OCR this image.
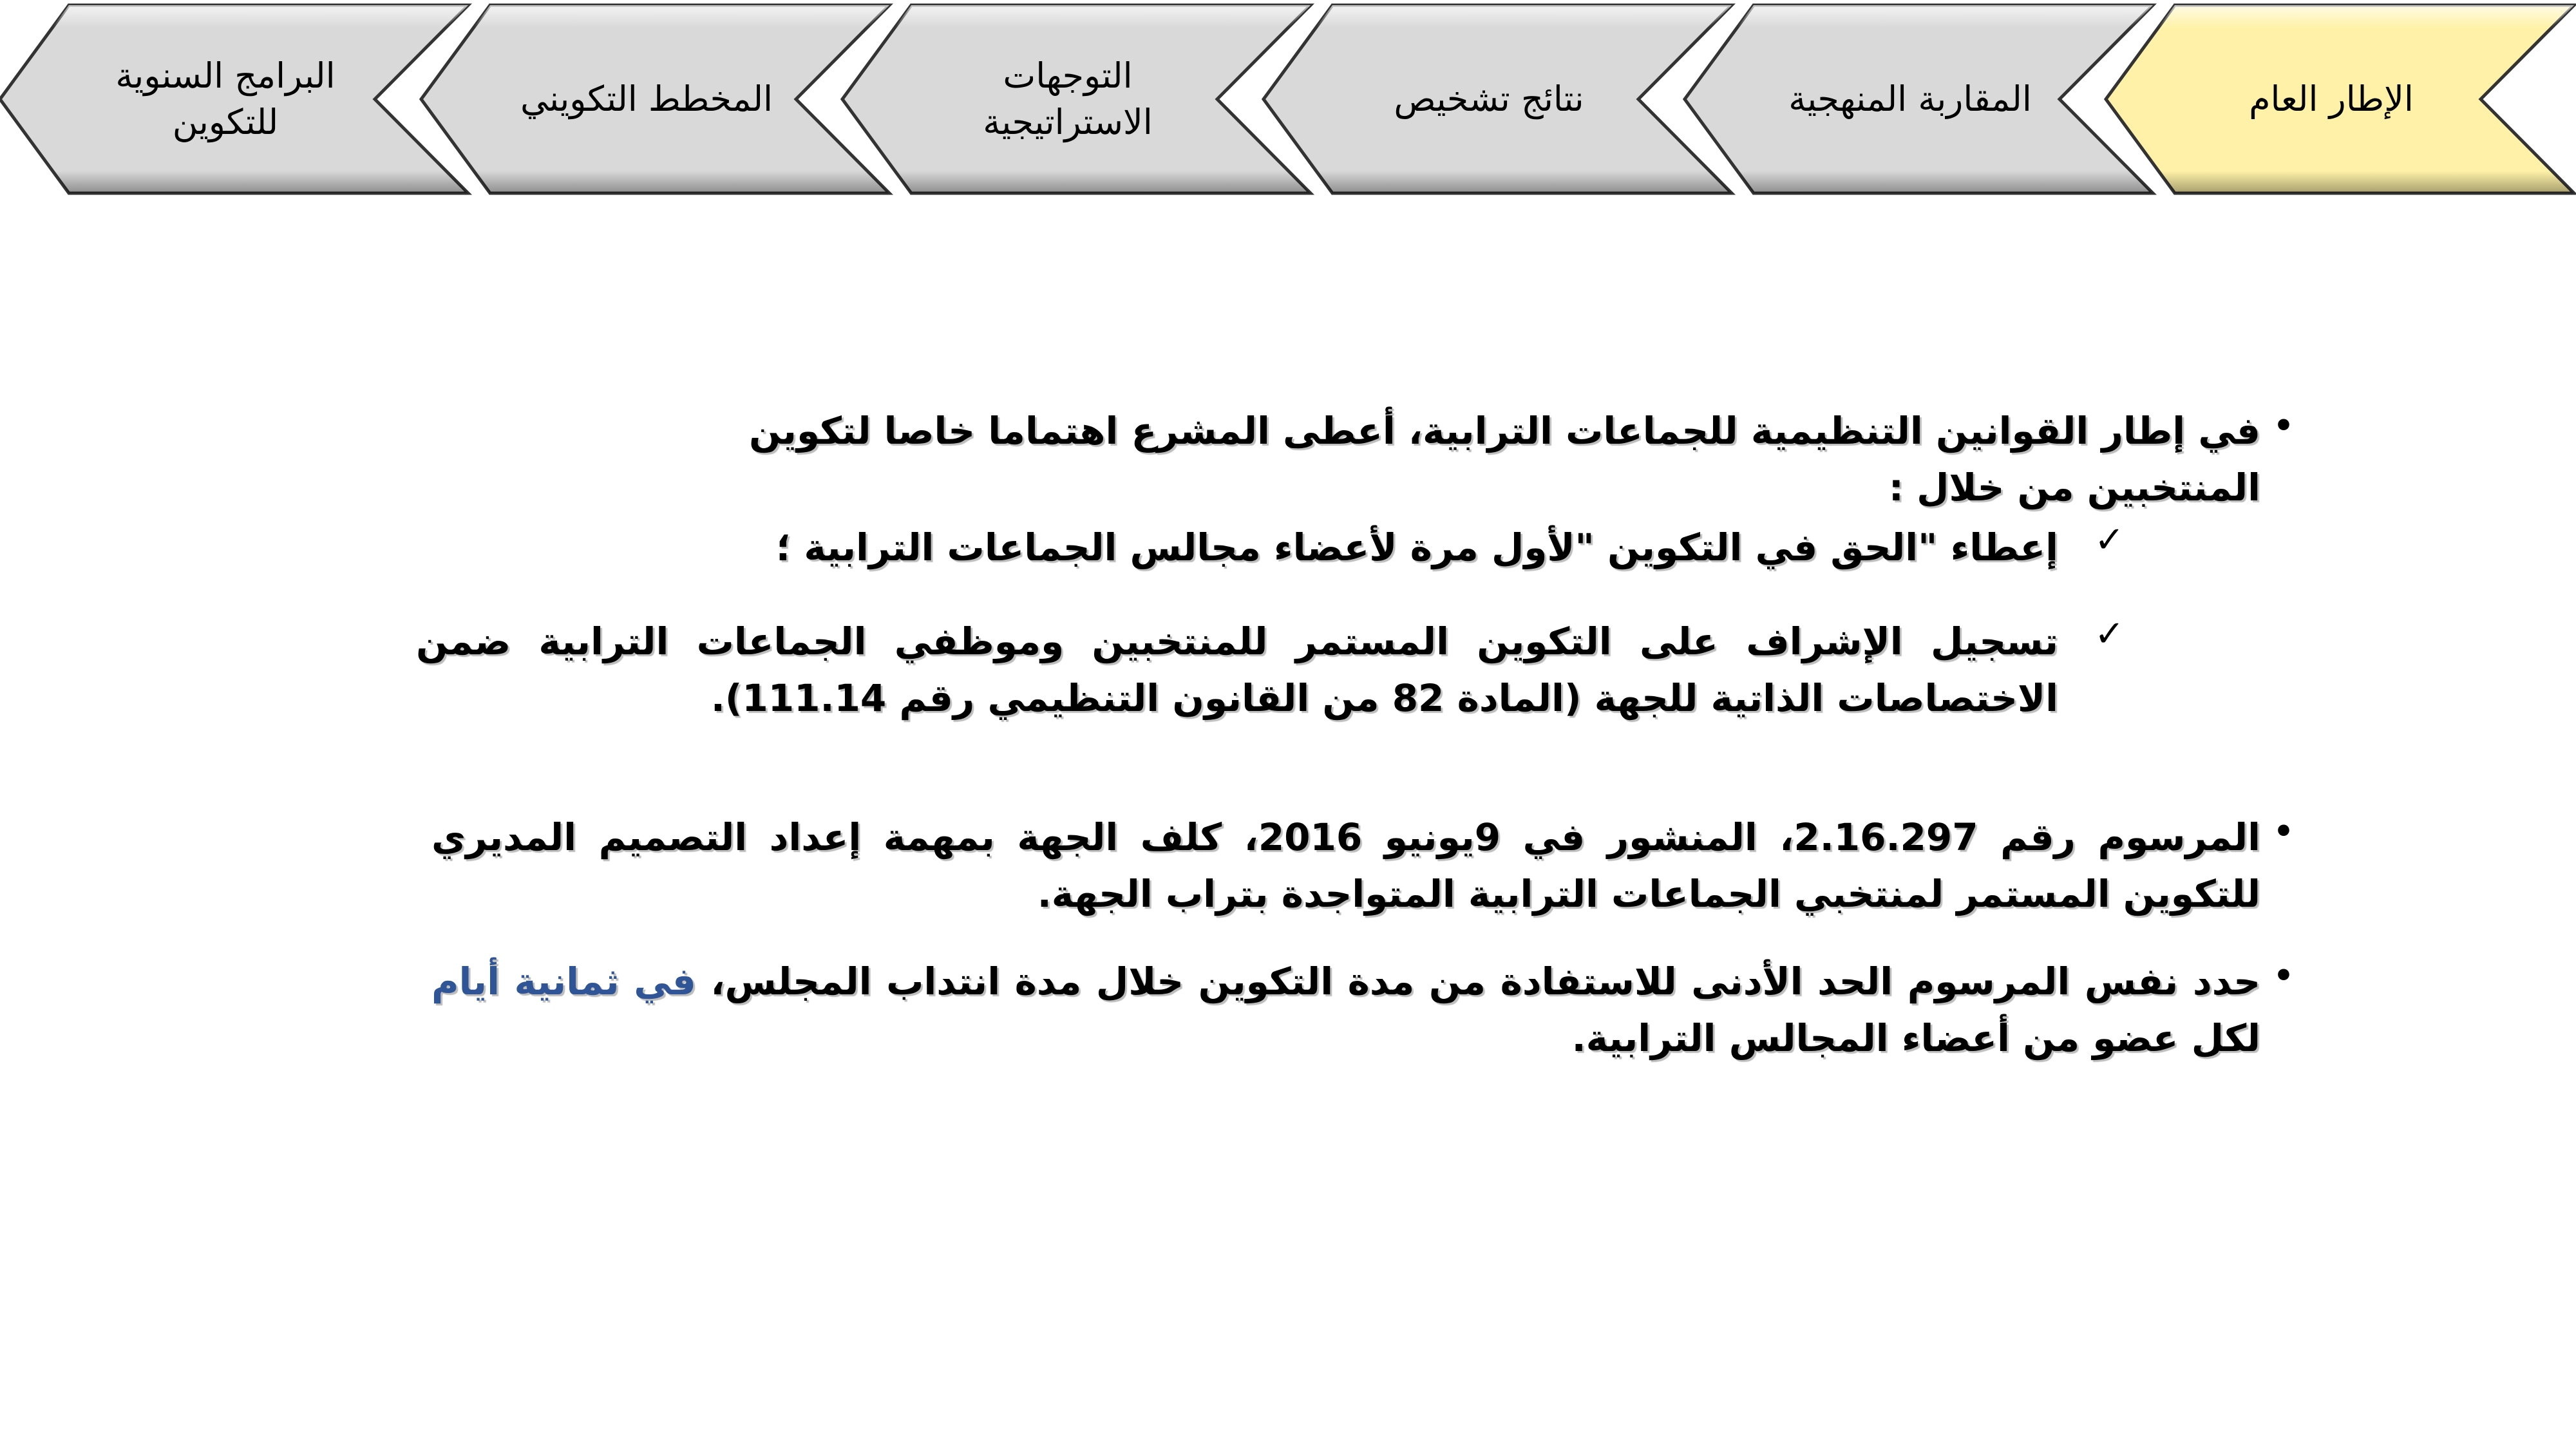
البرامج السنوية للتكوين
المخطط التكويني
التوجهات الاستراتيجية
نتائج تشخيص	المقاربة المنهجية	الإطار العام
•
في إطار القوانين التنظيمية للجماعات الترابية، أعطى المشرع اهتماما خاصا لتكوين المنتخبين من خلال :
✓
إعطاء "الحق في التكوين "لأول مرة لأعضاء مجالس الجماعات الترابية ؛
✓
تسجيل الإشراف على التكوين المستمر للمنتخبين وموظفي الجماعات الترابية ضمن الاختصاصات الذاتية للجهة (المادة 82 من القانون التنظيمي رقم 111.14).
•
المرسوم رقم 2.16.297، المنشور في 9يونيو 2016، كلف الجهة بمهمة إعداد التصميم المديري للتكوين المستمر لمنتخبي الجماعات الترابية المتواجدة بتراب الجهة.
•
حدد نفس المرسوم الحد الأدنى للاستفادة من مدة التكوين خلال مدة انتداب المجلس، في ثمانية أيام لكل عضو من أعضاء المجالس الترابية.
